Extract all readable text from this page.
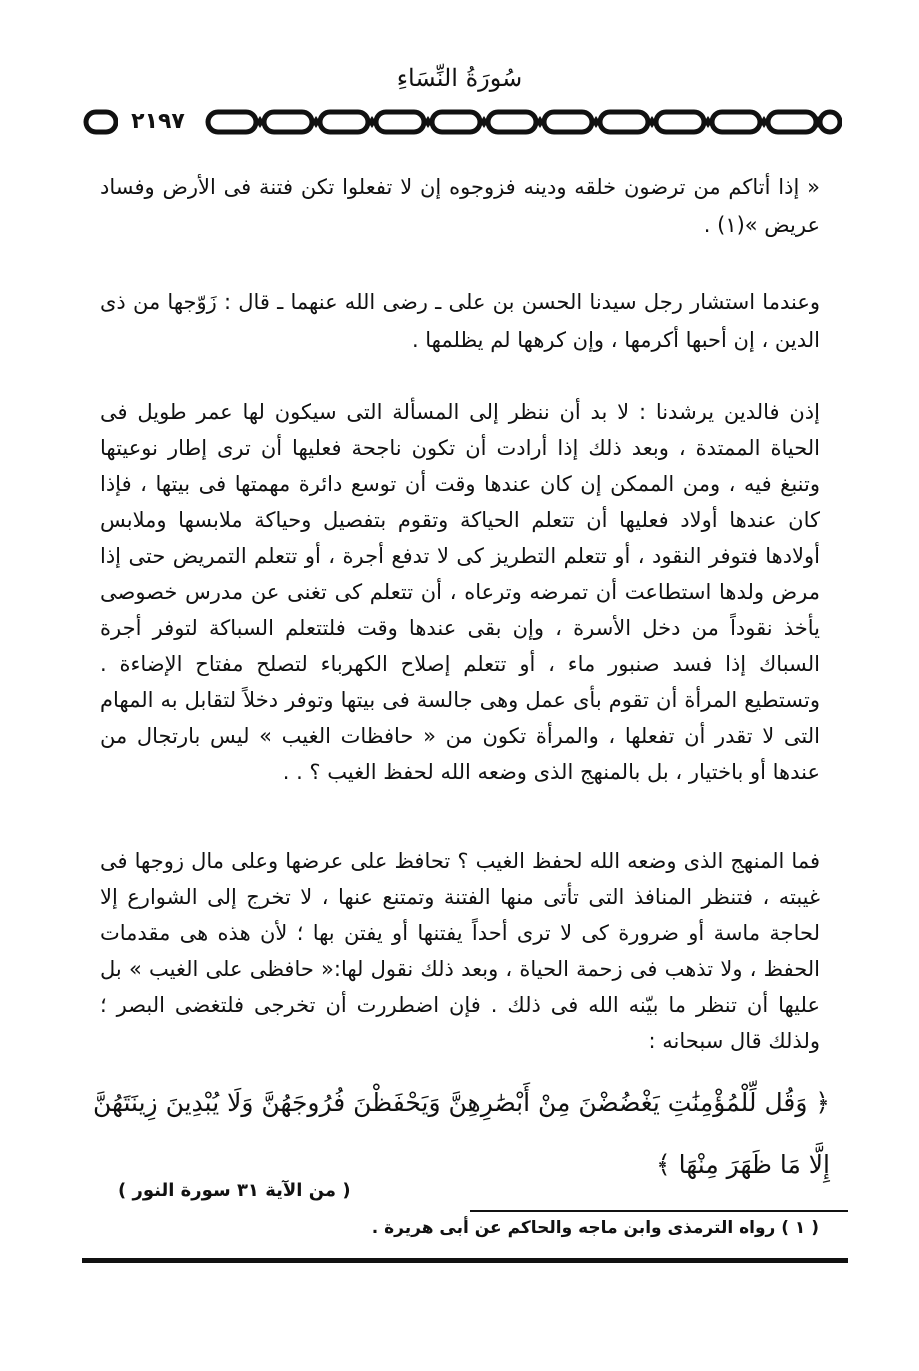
سُورَةُ النِّسَاءِ
٢١٩٧

« إذا أتاكم من ترضون خلقه ودينه فزوجوه إن لا تفعلوا تكن فتنة فى الأرض وفساد عريض »(١) .

وعندما استشار رجل سيدنا الحسن بن على ـ رضى الله عنهما ـ قال : زَوّجها من ذى الدين ، إن أحبها أكرمها ، وإن كرهها لم يظلمها .

إذن فالدين يرشدنا : لا بد أن ننظر إلى المسألة التى سيكون لها عمر طويل فى الحياة الممتدة ، وبعد ذلك إذا أرادت أن تكون ناجحة فعليها أن ترى إطار نوعيتها وتنبغ فيه ، ومن الممكن إن كان عندها وقت أن توسع دائرة مهمتها فى بيتها ، فإذا كان عندها أولاد فعليها أن تتعلم الحياكة وتقوم بتفصيل وحياكة ملابسها وملابس أولادها فتوفر النقود ، أو تتعلم التطريز كى لا تدفع أجرة ، أو تتعلم التمريض حتى إذا مرض ولدها استطاعت أن تمرضه وترعاه ، أن تتعلم كى تغنى عن مدرس خصوصى يأخذ نقوداً من دخل الأسرة ، وإن بقى عندها وقت فلتتعلم السباكة لتوفر أجرة السباك إذا فسد صنبور ماء ، أو تتعلم إصلاح الكهرباء لتصلح مفتاح الإضاءة . وتستطيع المرأة أن تقوم بأى عمل وهى جالسة فى بيتها وتوفر دخلاً لتقابل به المهام التى لا تقدر أن تفعلها ، والمرأة تكون من « حافظات الغيب » ليس بارتجال من عندها أو باختيار ، بل بالمنهج الذى وضعه الله لحفظ الغيب ؟ . .

فما المنهج الذى وضعه الله لحفظ الغيب ؟ تحافظ على عرضها وعلى مال زوجها فى غيبته ، فتنظر المنافذ التى تأتى منها الفتنة وتمتنع عنها ، لا تخرج إلى الشوارع إلا لحاجة ماسة أو ضرورة كى لا ترى أحداً يفتنها أو يفتن بها ؛ لأن هذه هى مقدمات الحفظ ، ولا تذهب فى زحمة الحياة ، وبعد ذلك نقول لها:« حافظى على الغيب » بل عليها أن تنظر ما بيّنه الله فى ذلك . فإن اضطررت أن تخرجى فلتغضى البصر ؛ ولذلك قال سبحانه :

﴿ وَقُل لِّلْمُؤْمِنَٰتِ يَغْضُضْنَ مِنْ أَبْصَٰرِهِنَّ وَيَحْفَظْنَ فُرُوجَهُنَّ وَلَا يُبْدِينَ زِينَتَهُنَّ إِلَّا مَا ظَهَرَ مِنْهَا ﴾
( من الآية ٣١ سورة النور )
( ١ ) رواه الترمذى وابن ماجه والحاكم عن أبى هريرة .
